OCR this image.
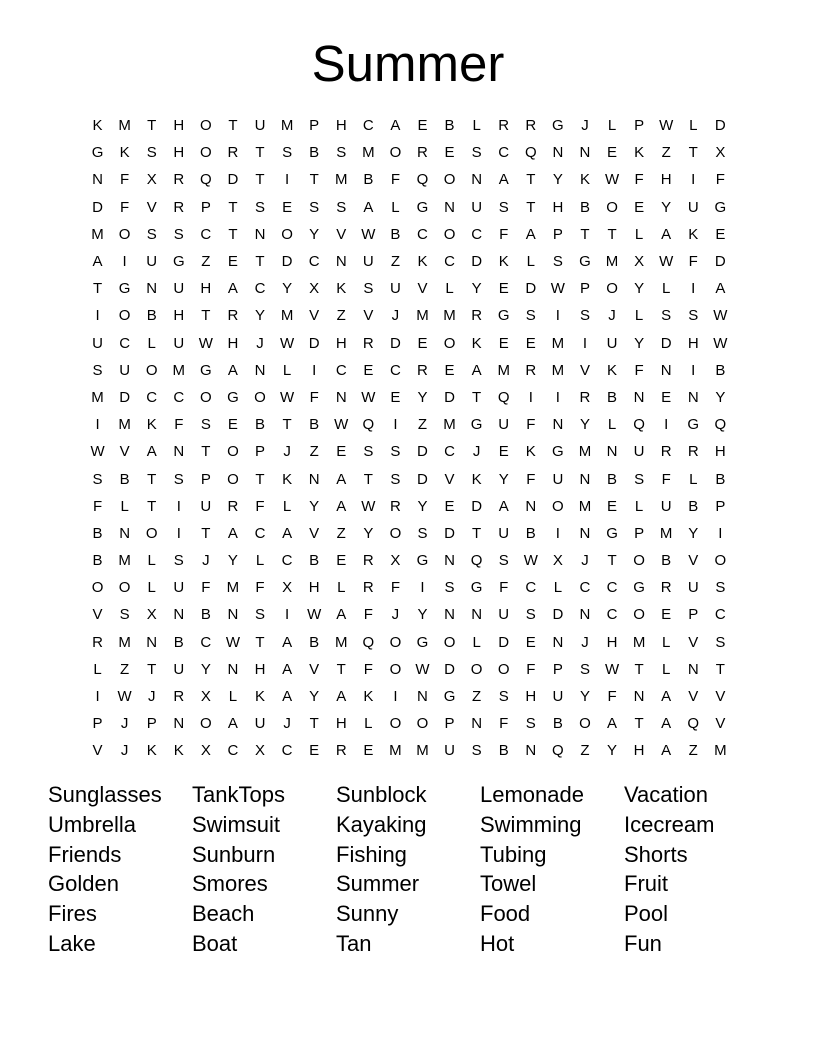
Summer
K	M	T	H	O	T	U	M	P	H	C	A	E	B	L	R	R	G	J	L	P W	L	D
G	K	S	H	O	R	T	S	B	S	M	O	R	E	S	C	Q	N	N	E	K	Z	T	X
N	F	X	R	Q	D	T	I	T	M	B	F	Q	O	N	A	T	Y	K W	F	H	I	F
D	F	V	R	P	T	S	E	S	S	A	L	G	N	U	S	T	H	B	O	E	Y	U	G
M	O	S	S	C	T	N	O	Y	V W B	C	O	C	F	A	P	T	T	L	A	K	E
A	I	U	G	Z	E	T	D	C	N	U	Z	K	C	D	K	L	S	G M	X W	F	D
T	G	N	U	H	A	C	Y	X	K	S	U	V	L	Y	E	D W P	O	Y	L	I	A
I	O	B	H	T	R	Y	M	V	Z	V	J	M M	R	G	S	I	S	J	L	S	S W
U	C	L	U W H	J	W D	H	R	D	E	O	K	E	E	M	I	U	Y	D	H W
S	U	O M	G	A	N	L	I	C	E	C	R	E	A	M	R	M	V	K	F	N	I	B
M	D	C	C	O	G	O W	F	N W E	Y	D	T	Q	I	I	R	B	N	E	N	Y
I	M	K	F	S	E	B	T	B W Q	I	Z	M	G	U	F	N	Y	L	Q	I	G	Q
W V	A	N	T	O	P	J	Z	E	S	S	D	C	J	E	K	G M	N	U	R	R	H
S	B	T	S	P	O	T	K	N	A	T	S	D	V	K	Y	F	U	N	B	S	F	L	B
F	L	T	I	U	R	F	L	Y	A W R	Y	E	D	A	N	O M	E	L	U	B	P
B	N	O	I	T	A	C	A	V	Z	Y	O	S	D	T	U	B	I	N	G	P	M	Y	I
B	M	L	S	J	Y	L	C	B	E	R	X	G	N	Q	S W X	J	T	O	B	V	O
O	O	L	U	F	M	F	X	H	L	R	F	I	S	G	F	C	L	C	C	G	R	U	S
V	S	X	N	B	N	S	I	W A	F	J	Y	N	N	U	S	D	N	C	O	E	P	C
R	M	N	B	C W	T	A	B	M	Q	O	G	O	L	D	E	N	J	H	M	L	V	S
L	Z	T	U	Y	N	H	A	V	T	F	O W D	O	O	F	P	S W	T	L	N	T
I	W	J	R	X	L	K	A	Y	A	K	I	N	G	Z	S	H	U	Y	F	N	A	V	V
P	J	P	N	O	A	U	J	T	H	L	O	O	P	N	F	S	B	O	A	T	A	Q	V
V	J	K	K	X	C	X	C	E	R	E	M M	U	S	B	N	Q	Z	Y	H	A	Z	M
Sunglasses	TankTops	Sunblock	Lemonade	Vacation
Umbrella	Swimsuit	Kayaking	Swimming	Icecream
Friends	Sunburn	Fishing	Tubing	Shorts
Golden	Smores	Summer	Towel	Fruit
Fires	Beach	Sunny	Food	Pool
Lake	Boat	Tan	Hot	Fun
